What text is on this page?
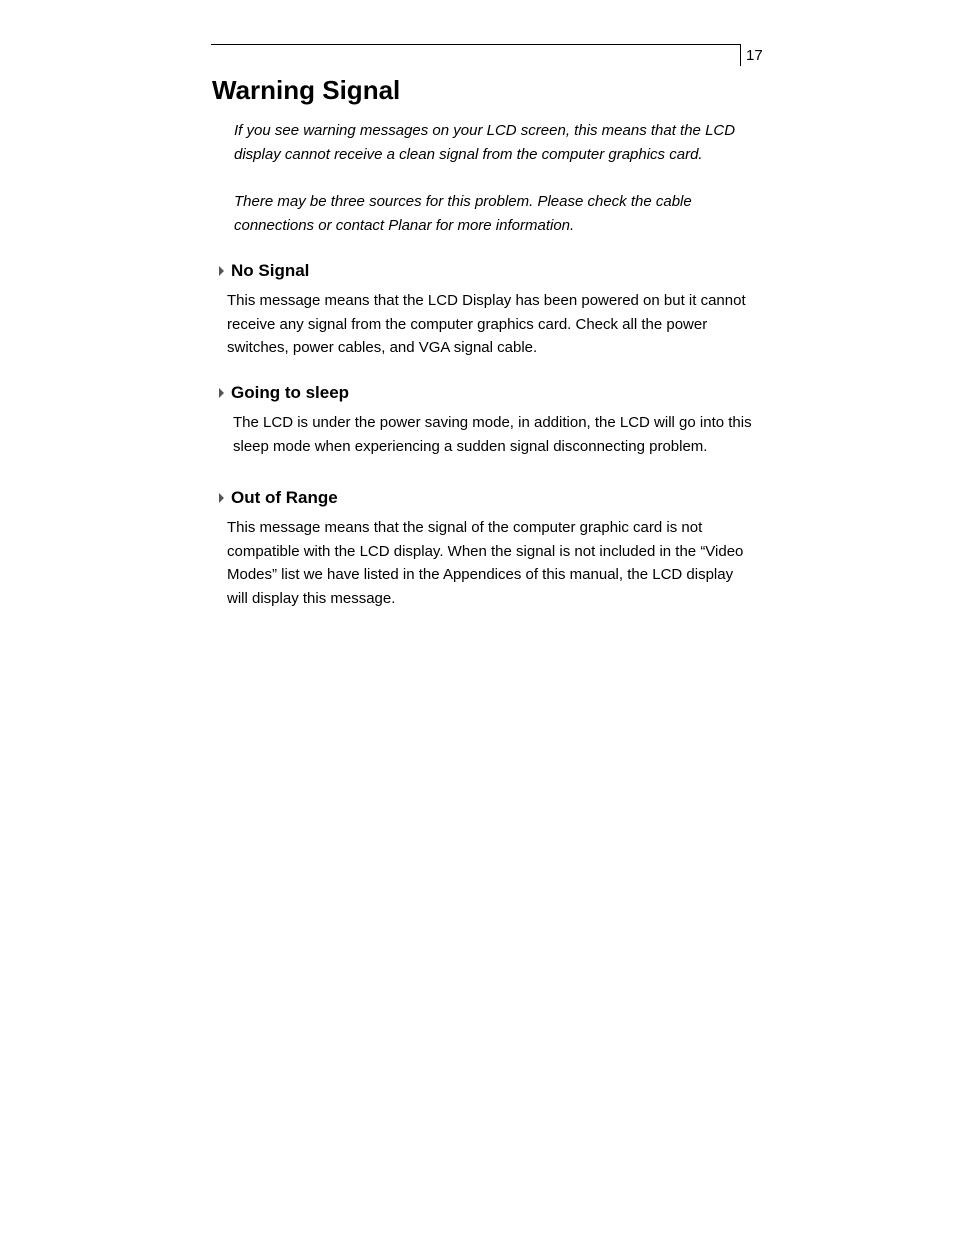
17
Warning Signal

If you see warning messages on your LCD screen, this means that the LCD display cannot receive a clean signal from the computer graphics card.

There may be three sources for this problem. Please check the cable connections or contact Planar for more information.

No Signal

This message means that the LCD Display has been powered on but it cannot receive any signal from the computer graphics card. Check all the power switches, power cables, and VGA signal cable.

Going to sleep

The LCD is under the power saving mode, in addition, the LCD will go into this sleep mode when experiencing a sudden signal disconnecting problem.

Out of Range

This message means that the signal of the computer graphic card is not compatible with the LCD display. When the signal is not included in the “Video Modes” list we have listed in the Appendices of this manual, the LCD display will display this message.
